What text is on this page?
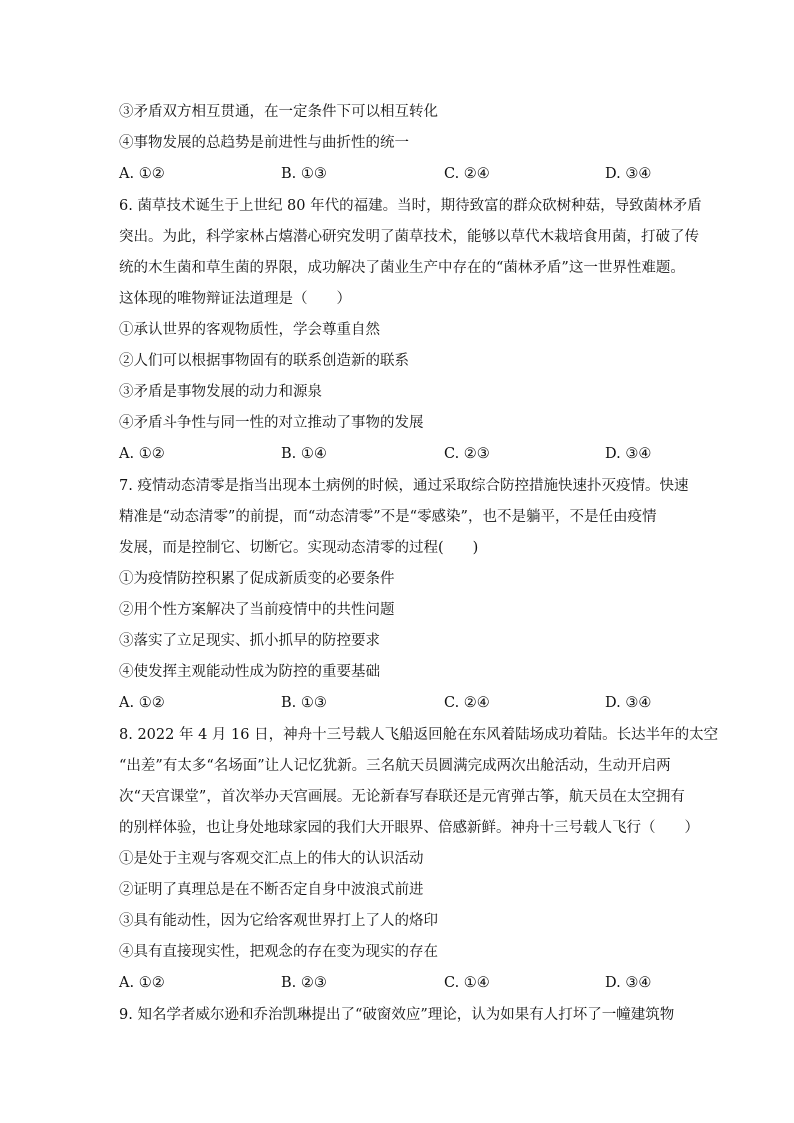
③矛盾双方相互贯通，在一定条件下可以相互转化
④事物发展的总趋势是前进性与曲折性的统一
A. ①②	B. ①③	C. ②④	D. ③④
6. 菌草技术诞生于上世纪 80 年代的福建。当时，期待致富的群众砍树种菇，导致菌林矛盾
突出。为此，科学家林占熺潜心研究发明了菌草技术，能够以草代木栽培食用菌，打破了传
统的木生菌和草生菌的界限，成功解决了菌业生产中存在的“菌林矛盾”这一世界性难题。
这体现的唯物辩证法道理是（　　）
①承认世界的客观物质性，学会尊重自然
②人们可以根据事物固有的联系创造新的联系
③矛盾是事物发展的动力和源泉
④矛盾斗争性与同一性的对立推动了事物的发展
A. ①②	B. ①④	C. ②③	D. ③④
7. 疫情动态清零是指当出现本土病例的时候，通过采取综合防控措施快速扑灭疫情。快速
精准是“动态清零”的前提，而“动态清零”不是“零感染”，也不是躺平，不是任由疫情
发展，而是控制它、切断它。实现动态清零的过程(　　)
①为疫情防控积累了促成新质变的必要条件
②用个性方案解决了当前疫情中的共性问题
③落实了立足现实、抓小抓早的防控要求
④使发挥主观能动性成为防控的重要基础
A. ①②	B. ①③	C. ②④	D. ③④
8. 2022 年 4 月 16 日，神舟十三号载人飞船返回舱在东风着陆场成功着陆。长达半年的太空
“出差”有太多“名场面”让人记忆犹新。三名航天员圆满完成两次出舱活动，生动开启两
次“天宫课堂”，首次举办天宫画展。无论新春写春联还是元宵弹古筝，航天员在太空拥有
的别样体验，也让身处地球家园的我们大开眼界、倍感新鲜。神舟十三号载人飞行（　　）
①是处于主观与客观交汇点上的伟大的认识活动
②证明了真理总是在不断否定自身中波浪式前进
③具有能动性，因为它给客观世界打上了人的烙印
④具有直接现实性，把观念的存在变为现实的存在
A. ①②	B. ②③	C. ①④	D. ③④
9. 知名学者威尔逊和乔治凯琳提出了“破窗效应”理论，认为如果有人打坏了一幢建筑物
